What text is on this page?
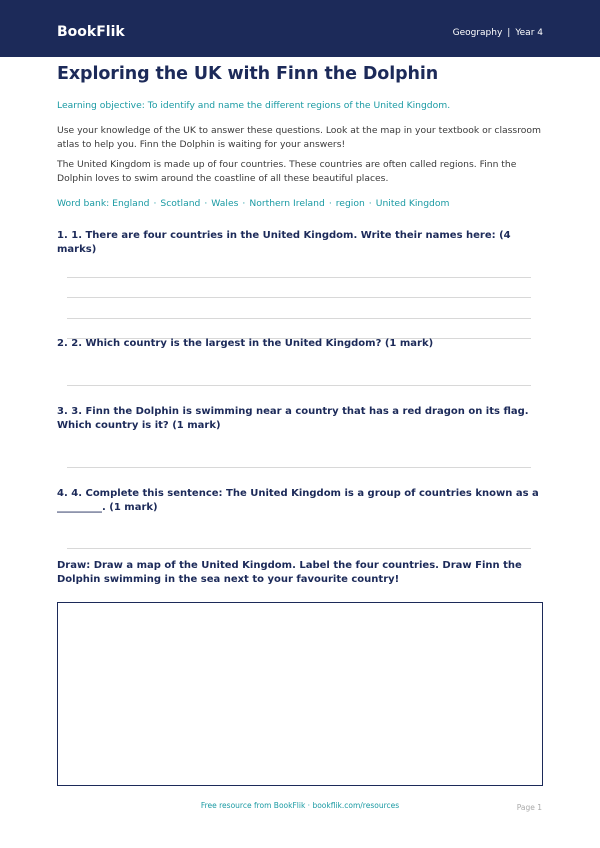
BookFlik	Geography | Year 4
Exploring the UK with Finn the Dolphin
Learning objective: To identify and name the different regions of the United Kingdom.

Use your knowledge of the UK to answer these questions. Look at the map in your textbook or classroom atlas to help you. Finn the Dolphin is waiting for your answers!

The United Kingdom is made up of four countries. These countries are often called regions. Finn the Dolphin loves to swim around the coastline of all these beautiful places.

Word bank: England · Scotland · Wales · Northern Ireland · region · United Kingdom

1. 1. There are four countries in the United Kingdom. Write their names here: (4 marks)

2. 2. Which country is the largest in the United Kingdom? (1 mark)

3. 3. Finn the Dolphin is swimming near a country that has a red dragon on its flag. Which country is it? (1 mark)

4. 4. Complete this sentence: The United Kingdom is a group of countries known as a _________. (1 mark)

Draw: Draw a map of the United Kingdom. Label the four countries. Draw Finn the Dolphin swimming in the sea next to your favourite country!

Free resource from BookFlik · bookflik.com/resources	Page 1
